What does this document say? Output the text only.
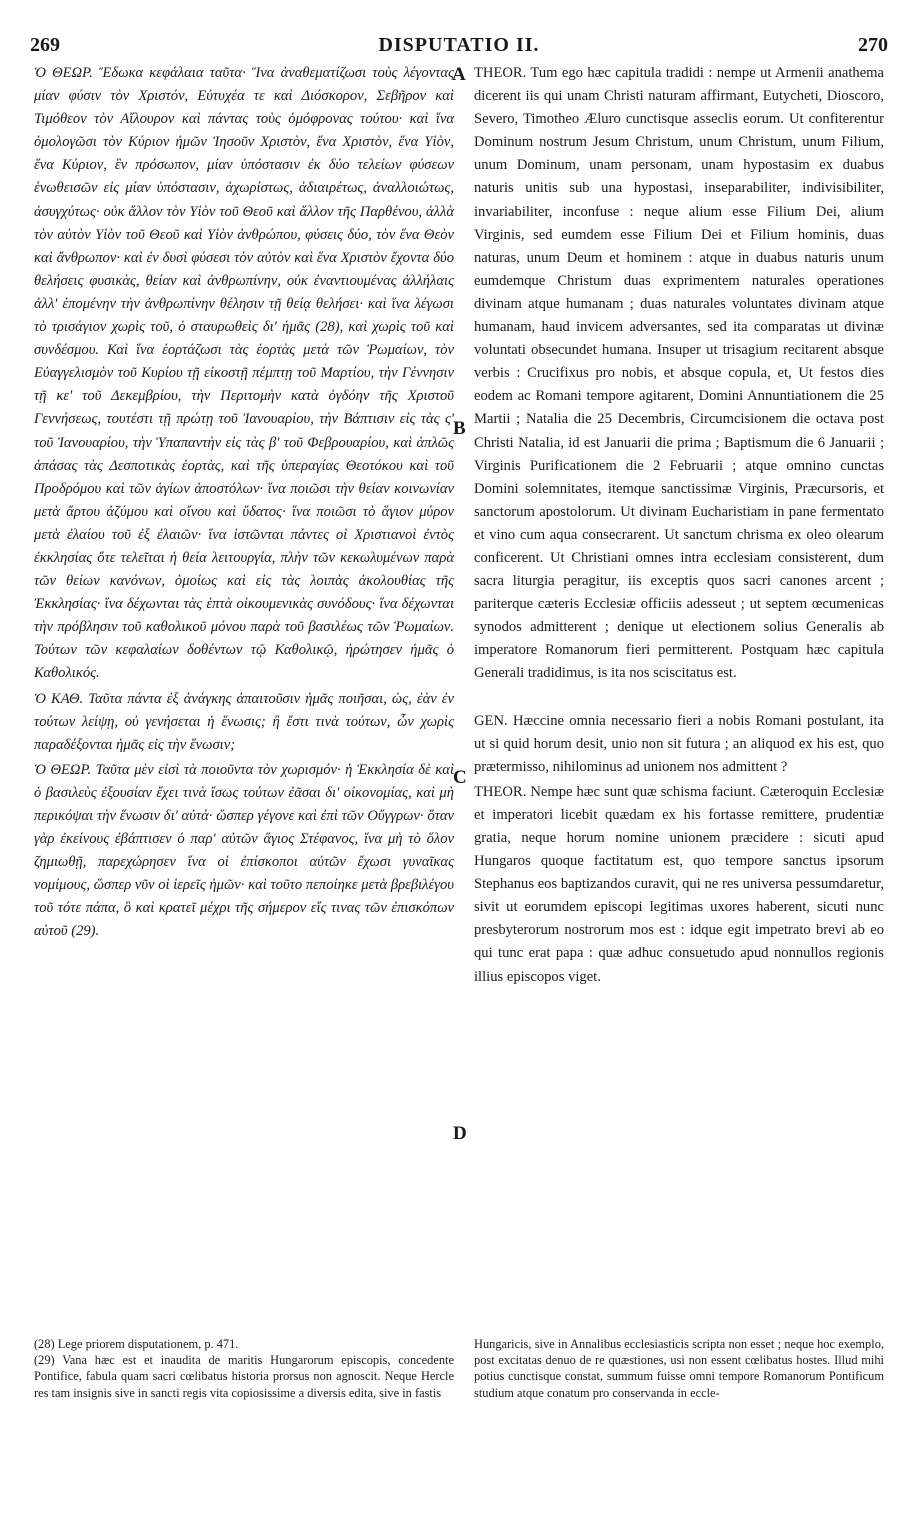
269	DISPUTATIO II.	270

Ὁ ΘΕΩΡ. Ἔδωκα κεφάλαια ταῦτα· Ἵνα ἀναθεματίζωσι τοὺς λέγοντας μίαν φύσιν τὸν Χριστόν, Εὐτυχέα τε καὶ Διόσκορον, Σεβῆρον καὶ Τιμόθεον τὸν Αἴλουρον καὶ πάντας τοὺς ὁμόφρονας τούτου· καὶ ἵνα ὁμολογῶσι τὸν Κύριον ἡμῶν Ἰησοῦν Χριστὸν, ἕνα Χριστὸν, ἕνα Υἱὸν, ἕνα Κύριον, ἓν πρόσωπον, μίαν ὑπόστασιν ἐκ δύο τελείων φύσεων ἑνωθεισῶν εἰς μίαν ὑπόστασιν, ἀχωρίστως, ἀδιαιρέτως, ἀναλλοιώτως, ἀσυγχύτως· οὐκ ἄλλον τὸν Υἱὸν τοῦ Θεοῦ καὶ ἄλλον τῆς Παρθένου, ἀλλὰ τὸν αὐτὸν Υἱὸν τοῦ Θεοῦ καὶ Υἱὸν ἀνθρώπου, φύσεις δύο, τὸν ἕνα Θεὸν καὶ ἄνθρωπον· καὶ ἐν δυσὶ φύσεσι τὸν αὐτὸν καὶ ἕνα Χριστὸν ἔχοντα δύο θελήσεις φυσικὰς, θείαν καὶ ἀνθρωπίνην, οὐκ ἐναντιουμένας ἀλλήλαις ἀλλ' ἑπομένην τὴν ἀνθρωπίνην θέλησιν τῇ θείᾳ θελήσει· καὶ ἵνα λέγωσι τὸ τρισάγιον χωρὶς τοῦ, ὁ σταυρωθεὶς δι' ἡμᾶς (28), καὶ χωρὶς τοῦ καὶ συνδέσμου. Καὶ ἵνα ἑορτάζωσι τὰς ἑορτὰς μετὰ τῶν Ῥωμαίων, τὸν Εὐαγγελισμὸν τοῦ Κυρίου τῇ εἰκοστῇ πέμπτῃ τοῦ Μαρτίου, τὴν Γέννησιν τῇ κε' τοῦ Δεκεμβρίου, τὴν Περιτομὴν κατὰ ὀγδόην τῆς Χριστοῦ Γεννήσεως, τουτέστι τῇ πρώτῃ τοῦ Ἰανουαρίου, τὴν Βάπτισιν εἰς τὰς ς' τοῦ Ἰανουαρίου, τὴν Ὑπαπαντὴν εἰς τὰς β' τοῦ Φεβρουαρίου, καὶ ἁπλῶς ἁπάσας τὰς Δεσποτικὰς ἑορτὰς, καὶ τῆς ὑπεραγίας Θεοτόκου καὶ τοῦ Προδρόμου καὶ τῶν ἁγίων ἀποστόλων· ἵνα ποιῶσι τὴν θείαν κοινωνίαν μετὰ ἄρτου ἀζύμου καὶ οἴνου καὶ ὕδατος· ἵνα ποιῶσι τὸ ἅγιον μύρον μετὰ ἐλαίου τοῦ ἐξ ἐλαιῶν· ἵνα ἱστῶνται πάντες οἱ Χριστιανοὶ ἐντὸς ἐκκλησίας ὅτε τελεῖται ἡ θεία λειτουργία, πλὴν τῶν κεκωλυμένων παρὰ τῶν θείων κανόνων, ὁμοίως καὶ εἰς τὰς λοιπὰς ἀκολουθίας τῆς Ἐκκλησίας· ἵνα δέχωνται τὰς ἑπτὰ οἰκουμενικὰς συνόδους· ἵνα δέχωνται τὴν πρόβλησιν τοῦ καθολικοῦ μόνου παρὰ τοῦ βασιλέως τῶν Ῥωμαίων. Τούτων τῶν κεφαλαίων δοθέντων τῷ Καθολικῷ, ἠρώτησεν ἡμᾶς ὁ Καθολικός.

Ὁ ΚΑΘ. Ταῦτα πάντα ἐξ ἀνάγκης ἀπαιτοῦσιν ἡμᾶς ποιῆσαι, ὡς, ἐὰν ἐν τούτων λείψῃ, οὐ γενήσεται ἡ ἕνωσις; ἢ ἔστι τινὰ τούτων, ὧν χωρὶς παραδέξονται ἡμᾶς εἰς τὴν ἕνωσιν;

Ὁ ΘΕΩΡ. Ταῦτα μὲν εἰσὶ τὰ ποιοῦντα τὸν χωρισμόν· ἡ Ἐκκλησία δὲ καὶ ὁ βασιλεὺς ἐξουσίαν ἔχει τινὰ ἴσως τούτων ἐᾶσαι δι' οἰκονομίας, καὶ μὴ περικόψαι τὴν ἕνωσιν δι' αὐτά· ὥσπερ γέγονε καὶ ἐπὶ τῶν Οὔγγρων· ὅταν γὰρ ἐκείνους ἐβάπτισεν ὁ παρ' αὐτῶν ἅγιος Στέφανος, ἵνα μὴ τὸ ὅλον ζημιωθῇ, παρεχώρησεν ἵνα οἱ ἐπίσκοποι αὐτῶν ἔχωσι γυναῖκας νομίμους, ὥσπερ νῦν οἱ ἱερεῖς ἡμῶν· καὶ τοῦτο πεποίηκε μετὰ βρεβιλέγου τοῦ τότε πάπα, ὃ καὶ κρατεῖ μέχρι τῆς σήμερον εἴς τινας τῶν ἐπισκόπων αὐτοῦ (29).

A
B
C
D

THEOR. Tum ego hæc capitula tradidi : nempe ut Armenii anathema dicerent iis qui unam Christi naturam affirmant, Eutycheti, Dioscoro, Severo, Timotheo Æluro cunctisque asseclis eorum. Ut confiterentur Dominum nostrum Jesum Christum, unum Christum, unum Filium, unum Dominum, unam personam, unam hypostasim ex duabus naturis unitis sub una hypostasi, inseparabiliter, indivisibiliter, invariabiliter, inconfuse : neque alium esse Filium Dei, alium Virginis, sed eumdem esse Filium Dei et Filium hominis, duas naturas, unum Deum et hominem : atque in duabus naturis unum eumdemque Christum duas exprimentem naturales operationes divinam atque humanam ; duas naturales voluntates divinam atque humanam, haud invicem adversantes, sed ita comparatas ut divinæ voluntati obsecundet humana. Insuper ut trisagium recitarent absque verbis : Crucifixus pro nobis, et absque copula, et, Ut festos dies eodem ac Romani tempore agitarent, Domini Annuntiationem die 25 Martii ; Natalia die 25 Decembris, Circumcisionem die octava post Christi Natalia, id est Januarii die prima ; Baptismum die 6 Januarii ; Virginis Purificationem die 2 Februarii ; atque omnino cunctas Domini solemnitates, itemque sanctissimæ Virginis, Præcursoris, et sanctorum apostolorum. Ut divinam Eucharistiam in pane fermentato et vino cum aqua consecrarent. Ut sanctum chrisma ex oleo olearum conficerent. Ut Christiani omnes intra ecclesiam consisterent, dum sacra liturgia peragitur, iis exceptis quos sacri canones arcent ; pariterque cæteris Ecclesiæ officiis adesseut ; ut septem œcumenicas synodos admitterent ; denique ut electionem solius Generalis ab imperatore Romanorum fieri permitterent. Postquam hæc capitula Generali tradidimus, is ita nos sciscitatus est.

GEN. Hæccine omnia necessario fieri a nobis Romani postulant, ita ut si quid horum desit, unio non sit futura ; an aliquod ex his est, quo prætermisso, nihilominus ad unionem nos admittent ?

THEOR. Nempe hæc sunt quæ schisma faciunt. Cæteroquin Ecclesiæ et imperatori licebit quædam ex his fortasse remittere, prudentiæ gratia, neque horum nomine unionem præcidere : sicuti apud Hungaros quoque factitatum est, quo tempore sanctus ipsorum Stephanus eos baptizandos curavit, qui ne res universa pessumdaretur, sivit ut eorumdem episcopi legitimas uxores haberent, sicuti nunc presbyterorum nostrorum mos est : idque egit impetrato brevi ab eo qui tunc erat papa : quæ adhuc consuetudo apud nonnullos regionis illius episcopos viget.

(28) Lege priorem disputationem, p. 471.

(29) Vana hæc est et inaudita de maritis Hungarorum episcopis, concedente Pontifice, fabula quam sacri cœlibatus historia prorsus non agnoscit. Neque Hercle res tam insignis sive in sancti regis vita copiosissime a diversis edita, sive in fastis

Hungaricis, sive in Annalibus ecclesiasticis scripta non esset ; neque hoc exemplo, post excitatas denuo de re quæstiones, usi non essent cœlibatus hostes. Illud mihi potius cunctisque constat, summum fuisse omni tempore Romanorum Pontificum studium atque conatum pro conservanda in eccle-
